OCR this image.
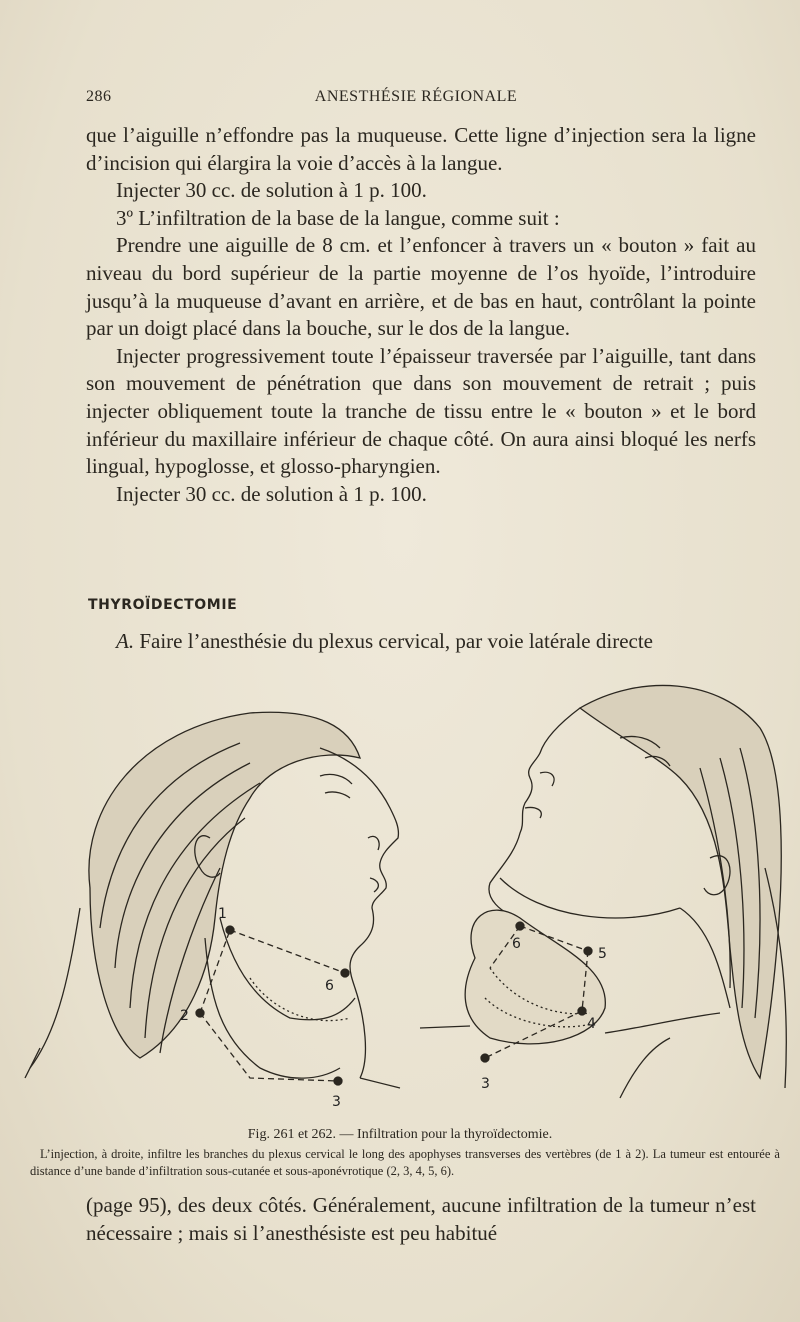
286	ANESTHÉSIE RÉGIONALE

que l’aiguille n’effondre pas la muqueuse. Cette ligne d’injection sera la ligne d’incision qui élargira la voie d’accès à la langue.

Injecter 30 cc. de solution à 1 p. 100.

3º L’infiltration de la base de la langue, comme suit :

Prendre une aiguille de 8 cm. et l’enfoncer à travers un « bouton » fait au niveau du bord supérieur de la partie moyenne de l’os hyoïde, l’introduire jusqu’à la muqueuse d’avant en arrière, et de bas en haut, contrôlant la pointe par un doigt placé dans la bouche, sur le dos de la langue.

Injecter progressivement toute l’épaisseur traversée par l’aiguille, tant dans son mouvement de pénétration que dans son mouvement de retrait ; puis injecter obliquement toute la tranche de tissu entre le « bouton » et le bord inférieur du maxillaire inférieur de chaque côté. On aura ainsi bloqué les nerfs lingual, hypoglosse, et glosso-pharyngien.

Injecter 30 cc. de solution à 1 p. 100.

THYROÏDECTOMIE
A. Faire l’anesthésie du plexus cervical, par voie latérale directe
1
2
3
6
6
5
4
3
Fig. 261 et 262. — Infiltration pour la thyroïdectomie.
L’injection, à droite, infiltre les branches du plexus cervical le long des apophyses transverses des vertèbres (de 1 à 2). La tumeur est entourée à distance d’une bande d’infiltration sous-cutanée et sous-aponévrotique (2, 3, 4, 5, 6).
(page 95), des deux côtés. Généralement, aucune infiltration de la tumeur n’est nécessaire ; mais si l’anesthésiste est peu habitué
